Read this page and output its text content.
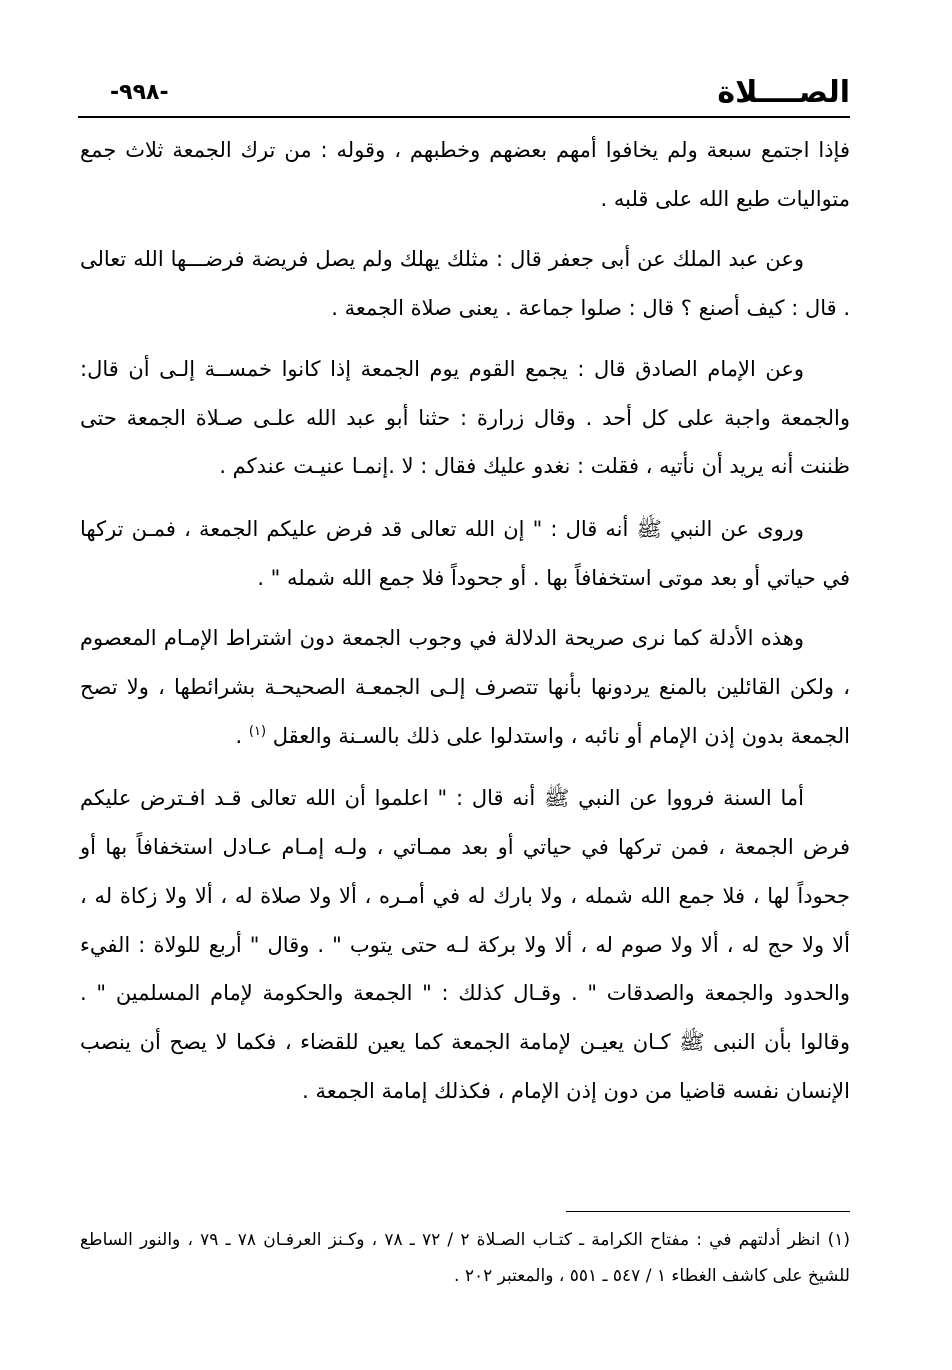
الصــــلاة
-٩٩٨-

فإذا اجتمع سبعة ولم يخافوا أمهم بعضهم وخطبهم ، وقوله : من ترك الجمعة ثلاث جمع متواليات طبع الله على قلبه .

وعن عبد الملك عن أبى جعفر قال : مثلك يهلك ولم يصل فريضة فرضـــها الله تعالى . قال : كيف أصنع ؟ قال : صلوا جماعة . يعنى صلاة الجمعة .

وعن الإمام الصادق قال : يجمع القوم يوم الجمعة إذا كانوا خمســة إلـى أن قال: والجمعة واجبة على كل أحد . وقال زرارة : حثنا أبو عبد الله علـى صـلاة الجمعة حتى ظننت أنه يريد أن نأتيه ، فقلت : نغدو عليك فقال : لا .إنمـا عنيـت عندكم .

وروى عن النبي ﷺ أنه قال : " إن الله تعالى قد فرض عليكم الجمعة ، فمـن تركها في حياتي أو بعد موتى استخفافاً بها . أو جحوداً فلا جمع الله شمله " .

وهذه الأدلة كما نرى صريحة الدلالة في وجوب الجمعة دون اشتراط الإمـام المعصوم ، ولكن القائلين بالمنع يردونها بأنها تتصرف إلـى الجمعـة الصحيحـة بشرائطها ، ولا تصح الجمعة بدون إذن الإمام أو نائبه ، واستدلوا على ذلك بالسـنة والعقل $^{(١)}$ .

أما السنة فرووا عن النبي ﷺ أنه قال : " اعلموا أن الله تعالى قـد افـترض عليكم فرض الجمعة ، فمن تركها في حياتي أو بعد ممـاتي ، ولـه إمـام عـادل استخفافاً بها أو جحوداً لها ، فلا جمع الله شمله ، ولا بارك له في أمـره ، ألا ولا صلاة له ، ألا ولا زكاة له ، ألا ولا حج له ، ألا ولا صوم له ، ألا ولا بركة لـه حتى يتوب " . وقال " أربع للولاة : الفيء والحدود والجمعة والصدقات " . وقـال كذلك : " الجمعة والحكومة لإمام المسلمين " . وقالوا بأن النبى ﷺ كـان يعيـن لإمامة الجمعة كما يعين للقضاء ، فكما لا يصح أن ينصب الإنسان نفسه قاضيا من دون إذن الإمام ، فكذلك إمامة الجمعة .

(١) انظر أدلتهم في : مفتاح الكرامة ـ كتـاب الصـلاة ٢ / ٧٢ ـ ٧٨ ، وكـنز العرفـان ٧٨ ـ ٧٩ ، والنور الساطع للشيخ على كاشف الغطاء ١ / ٥٤٧ ـ ٥٥١ ، والمعتبر ٢٠٢ .
